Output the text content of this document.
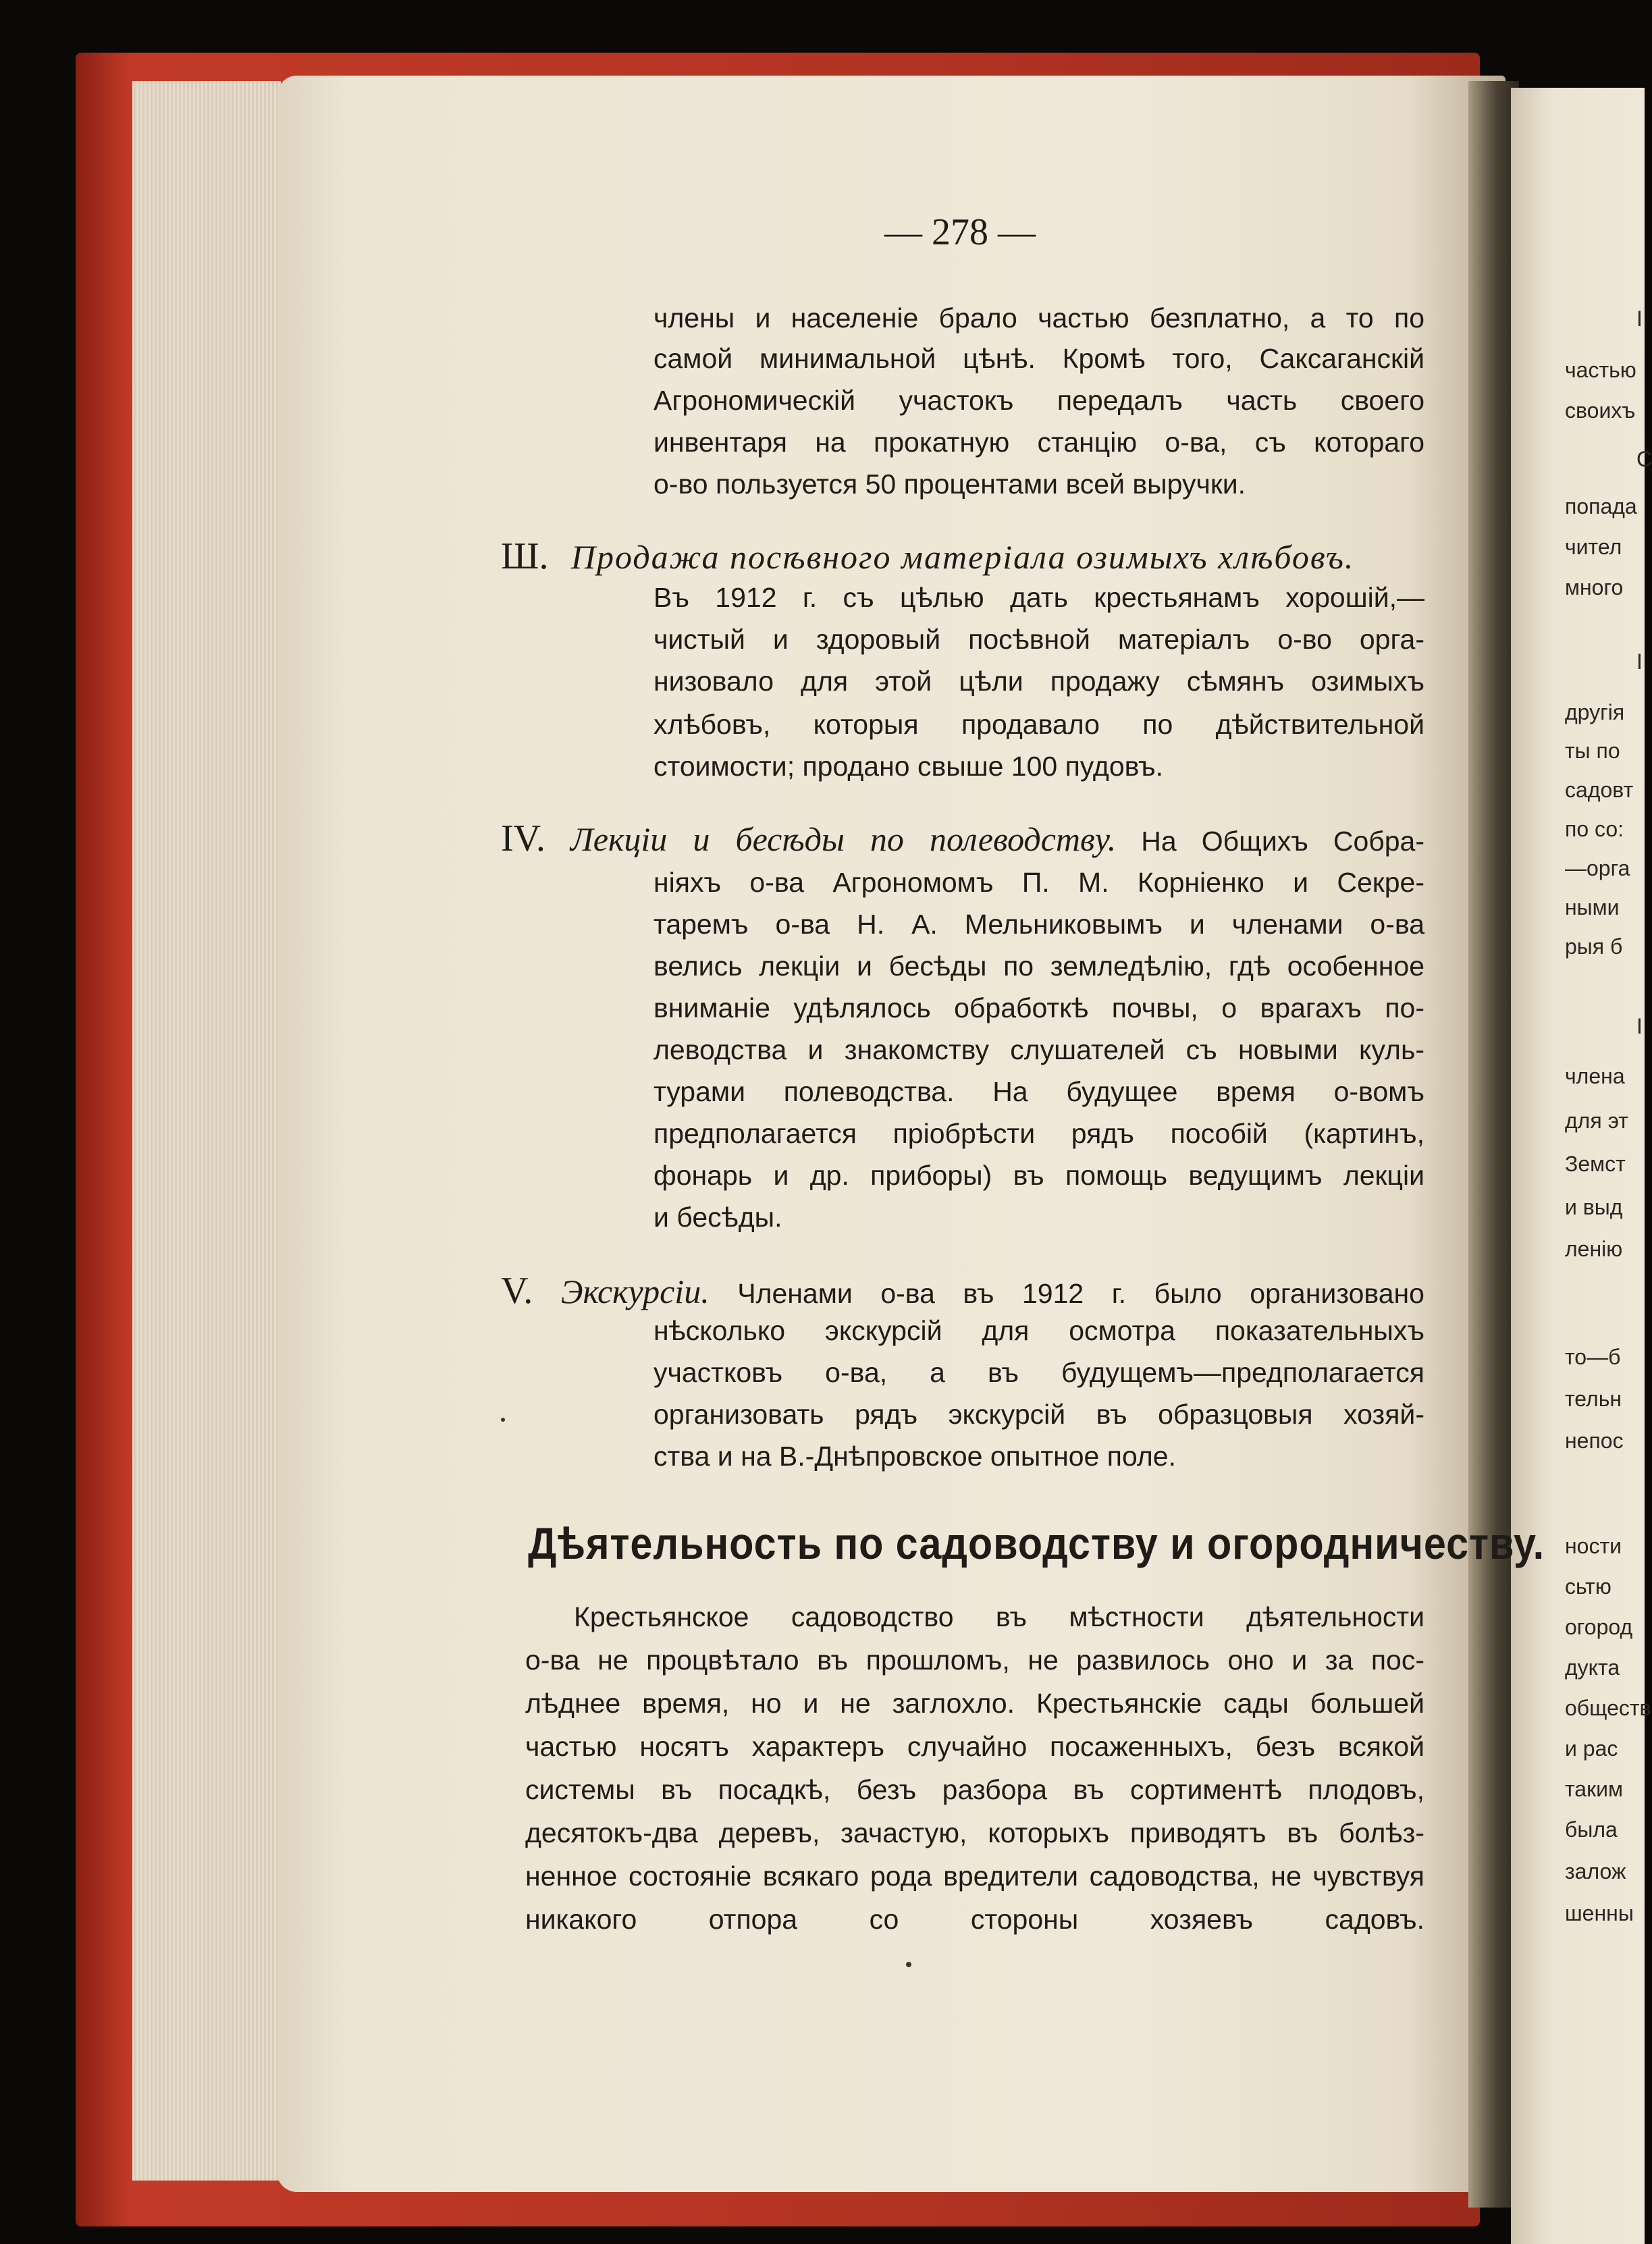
I
частью
своихъ
С
попада
чител
много
I
другія
ты по
садовт
по со:
—орга
ными
рыя б
I
члена
для эт
Земст
и выд
ленію
то—б
тельн
непос
ности
сьтю
огород
дукта
обществ
и рас
таким
была
залож
шенны
— 278 —
члены и населеніе брало частью безплатно, а то по
самой минимальной цѣнѣ. Кромѣ того, Саксаганскій
Агрономическій участокъ передалъ часть своего
инвентаря на прокатную станцію о-ва, съ котораго
о-во пользуется 50 процентами всей выручки.
Ш. Продажа посѣвного матеріала озимыхъ хлѣбовъ.
Въ 1912 г. съ цѣлью дать крестьянамъ хорошій,—
чистый и здоровый посѣвной матеріалъ о-во орга-
низовало для этой цѣли продажу сѣмянъ озимыхъ
хлѣбовъ, которыя продавало по дѣйствительной
стоимости; продано свыше 100 пудовъ.
IV. Лекціи и бесѣды по полеводству. На Общихъ Собра-
ніяхъ о-ва Агрономомъ П. М. Корніенко и Секре-
таремъ о-ва Н. А. Мельниковымъ и членами о-ва
велись лекціи и бесѣды по земледѣлію, гдѣ особенное
вниманіе удѣлялось обработкѣ почвы, о врагахъ по-
леводства и знакомству слушателей съ новыми куль-
турами полеводства. На будущее время о-вомъ
предполагается пріобрѣсти рядъ пособій (картинъ,
фонарь и др. приборы) въ помощь ведущимъ лекціи
и бесѣды.
V. Экскурсіи. Членами о-ва въ 1912 г. было организовано
нѣсколько экскурсій для осмотра показательныхъ
участковъ о-ва, а въ будущемъ—предполагается
организовать рядъ экскурсій въ образцовыя хозяй-
ства и на В.-Днѣпровское опытное поле.
Дѣятельность по садоводству и огородничеству.
Крестьянское садоводство въ мѣстности дѣятельности
о-ва не процвѣтало въ прошломъ, не развилось оно и за пос-
лѣднее время, но и не заглохло. Крестьянскіе сады большей
частью носятъ характеръ случайно посаженныхъ, безъ всякой
системы въ посадкѣ, безъ разбора въ сортиментѣ плодовъ,
десятокъ-два деревъ, зачастую, которыхъ приводятъ въ болѣз-
ненное состояніе всякаго рода вредители садоводства, не чувствуя
никакого отпора со стороны хозяевъ садовъ.
